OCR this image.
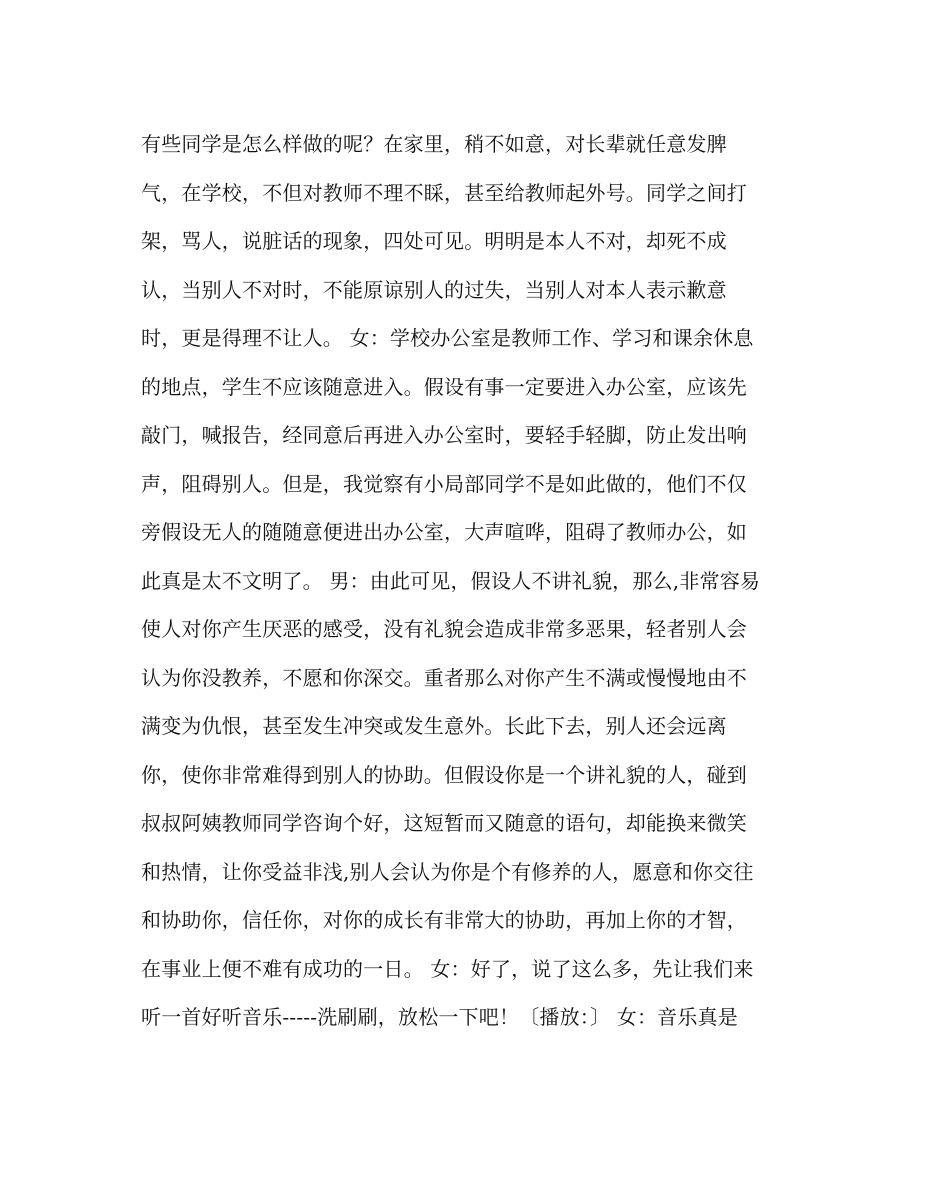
有些同学是怎么样做的呢？在家里，稍不如意，对长辈就任意发脾
气，在学校，不但对教师不理不睬，甚至给教师起外号。同学之间打
架，骂人，说脏话的现象，四处可见。明明是本人不对，却死不成
认，当别人不对时，不能原谅别人的过失，当别人对本人表示歉意
时，更是得理不让人。 女：学校办公室是教师工作、学习和课余休息
的地点，学生不应该随意进入。假设有事一定要进入办公室，应该先
敲门，喊报告，经同意后再进入办公室时，要轻手轻脚，防止发出响
声，阻碍别人。但是，我觉察有小局部同学不是如此做的，他们不仅
旁假设无人的随随意便进出办公室，大声喧哗，阻碍了教师办公，如
此真是太不文明了。 男：由此可见，假设人不讲礼貌，那么,非常容易
使人对你产生厌恶的感受，没有礼貌会造成非常多恶果，轻者别人会
认为你没教养，不愿和你深交。重者那么对你产生不满或慢慢地由不
满变为仇恨，甚至发生冲突或发生意外。长此下去，别人还会远离
你，使你非常难得到别人的协助。但假设你是一个讲礼貌的人，碰到
叔叔阿姨教师同学咨询个好，这短暂而又随意的语句，却能换来微笑
和热情，让你受益非浅,别人会认为你是个有修养的人，愿意和你交往
和协助你，信任你，对你的成长有非常大的协助，再加上你的才智，
在事业上便不难有成功的一日。 女：好了，说了这么多，先让我们来
听一首好听音乐-----洗刷刷，放松一下吧！〔播放：〕 女：音乐真是
